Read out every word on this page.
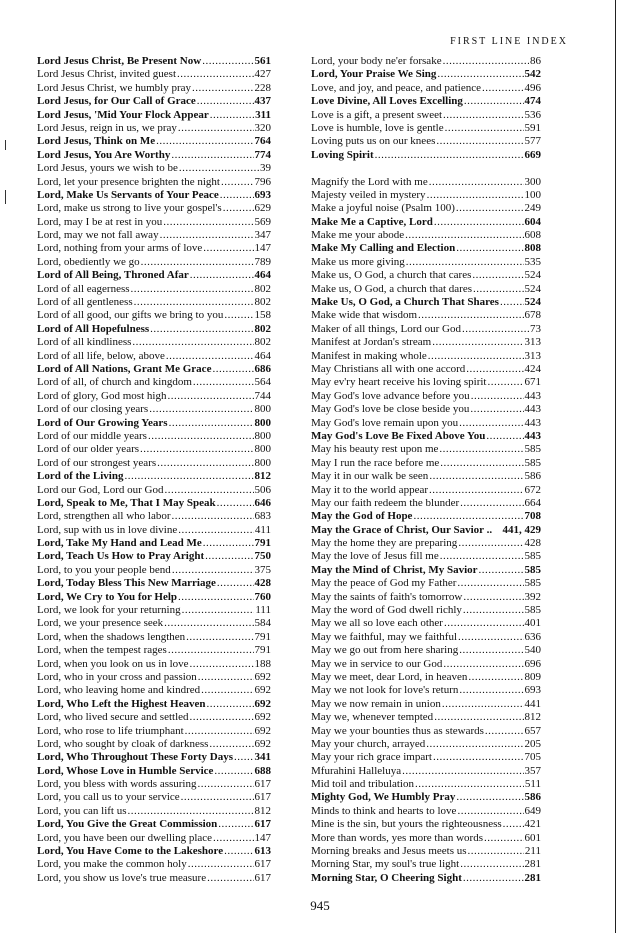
FIRST LINE INDEX
Lord Jesus Christ, Be Present Now .....	561
Lord Jesus Christ, invited guest .....	427
Lord Jesus Christ, we humbly pray .....	228
Lord Jesus, for Our Call of Grace .....	437
Lord Jesus, 'Mid Your Flock Appear .....	311
Lord Jesus, reign in us, we pray .....	320
Lord Jesus, Think on Me .....	764
Lord Jesus, You Are Worthy .....	774
Lord Jesus, yours we wish to be .....	39
Lord, let your presence brighten the night .....	796
Lord, Make Us Servants of Your Peace .....	693
Lord, make us strong to live your gospel's .....	629
Lord, may I be at rest in you .....	569
Lord, may we not fall away .....	347
Lord, nothing from your arms of love .....	147
Lord, obediently we go .....	789
Lord of All Being, Throned Afar .....	464
Lord of all eagerness .....	802
Lord of all gentleness .....	802
Lord of all good, our gifts we bring to you .....	158
Lord of All Hopefulness .....	802
Lord of all kindliness .....	802
Lord of all life, below, above .....	464
Lord of All Nations, Grant Me Grace .....	686
Lord of all, of church and kingdom .....	564
Lord of glory, God most high .....	744
Lord of our closing years .....	800
Lord of Our Growing Years .....	800
Lord of our middle years .....	800
Lord of our older years .....	800
Lord of our strongest years .....	800
Lord of the Living .....	812
Lord our God, Lord our God .....	506
Lord, Speak to Me, That I May Speak .....	646
Lord, strengthen all who labor .....	683
Lord, sup with us in love divine .....	411
Lord, Take My Hand and Lead Me .....	791
Lord, Teach Us How to Pray Aright .....	750
Lord, to you your people bend .....	375
Lord, Today Bless This New Marriage .....	428
Lord, We Cry to You for Help .....	760
Lord, we look for your returning .....	111
Lord, we your presence seek .....	584
Lord, when the shadows lengthen .....	791
Lord, when the tempest rages .....	791
Lord, when you look on us in love .....	188
Lord, who in your cross and passion .....	692
Lord, who leaving home and kindred .....	692
Lord, Who Left the Highest Heaven .....	692
Lord, who lived secure and settled .....	692
Lord, who rose to life triumphant .....	692
Lord, who sought by cloak of darkness .....	692
Lord, Who Throughout These Forty Days ..... 341
Lord, Whose Love in Humble Service .....	688
Lord, you bless with words assuring .....	617
Lord, you call us to your service .....	617
Lord, you can lift us .....	812
Lord, You Give the Great Commission .....	617
Lord, you have been our dwelling place .....	147
Lord, You Have Come to the Lakeshore .....	613
Lord, you make the common holy .....	617
Lord, you show us love's true measure .....	617
Lord, your body ne'er forsake .....	86
Lord, Your Praise We Sing .....	542
Love, and joy, and peace, and patience .....	496
Love Divine, All Loves Excelling .....	474
Love is a gift, a present sweet .....	536
Love is humble, love is gentle .....	591
Loving puts us on our knees .....	577
Loving Spirit .....	669
Magnify the Lord with me .....	300
Majesty veiled in mystery .....	100
Make a joyful noise (Psalm 100) .....	249
Make Me a Captive, Lord .....	604
Make me your abode .....	608
Make My Calling and Election .....	808
Make us more giving .....	535
Make us, O God, a church that cares .....	524
Make us, O God, a church that dares .....	524
Make Us, O God, a Church That Shares ..... 524
Make wide that wisdom .....	678
Maker of all things, Lord our God .....	73
Manifest at Jordan's stream .....	313
Manifest in making whole .....	313
May Christians all with one accord .....	424
May ev'ry heart receive his loving spirit .....	671
May God's love advance before you .....	443
May God's love be close beside you .....	443
May God's love remain upon you .....	443
May God's Love Be Fixed Above You .....	443
May his beauty rest upon me .....	585
May I run the race before me .....	585
May it in our walk be seen .....	586
May it to the world appear .....	672
May our faith redeem the blunder .....	664
May the God of Hope .....	708
May the Grace of Christ, Our Savior .. 441, 429
May the home they are preparing .....	428
May the love of Jesus fill me .....	585
May the Mind of Christ, My Savior .....	585
May the peace of God my Father .....	585
May the saints of faith's tomorrow .....	392
May the word of God dwell richly .....	585
May we all so love each other .....	401
May we faithful, may we faithful .....	636
May we go out from here sharing .....	540
May we in service to our God .....	696
May we meet, dear Lord, in heaven .....	809
May we not look for love's return .....	693
May we now remain in union .....	441
May we, whenever tempted .....	812
May we your bounties thus as stewards .....	657
May your church, arrayed .....	205
May your rich grace impart .....	705
Mfurahini Halleluya .....	357
Mid toil and tribulation .....	511
Mighty God, We Humbly Pray .....	586
Minds to think and hearts to love .....	649
Mine is the sin, but yours the righteousness ..... 421
More than words, yes more than words .....	601
Morning breaks and Jesus meets us .....	211
Morning Star, my soul's true light .....	281
Morning Star, O Cheering Sight .....	281
945
